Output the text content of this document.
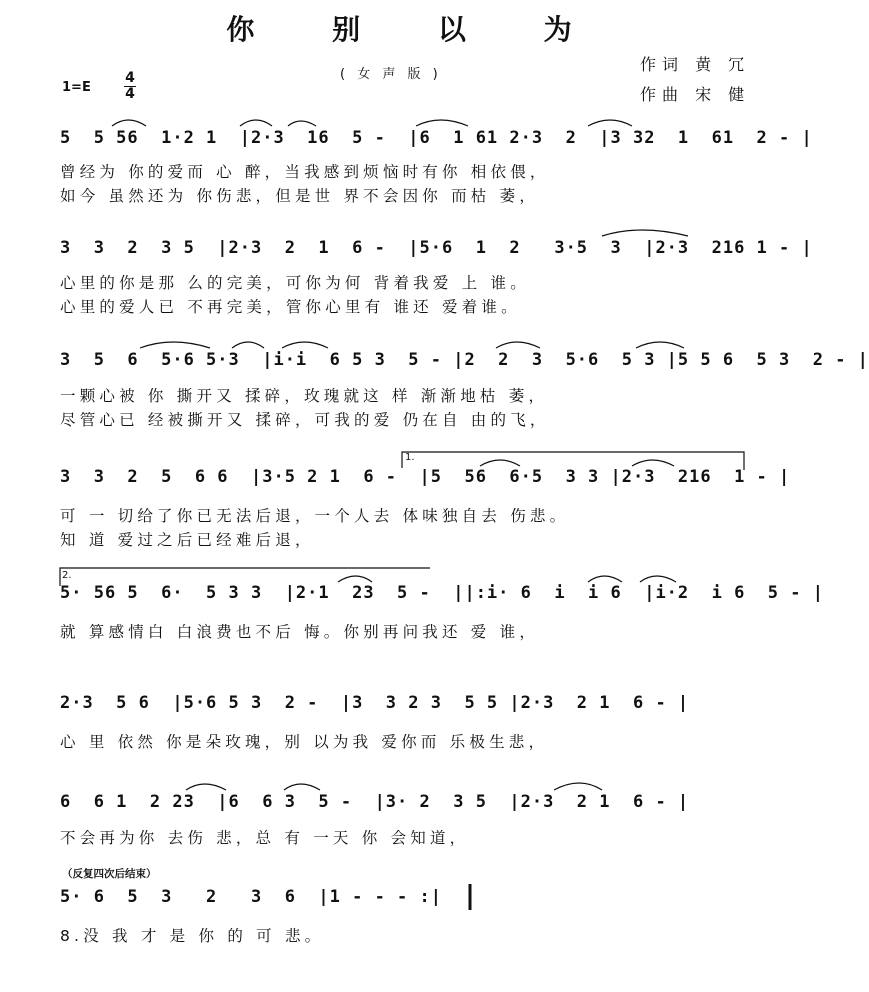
你 别 以 为
( 女 声 版 )
作词 黄 冗
作曲 宋 健
1=E
4
4
5  5 56  1·2 1  |2·3  16  5 -  |6  1 61 2·3  2  |3 32  1  61  2 - |
曾经为 你的爱而 心 醉，当我感到烦恼时有你 相依偎，
如今 虽然还为 你伤悲，但是世 界不会因你 而枯 萎，
3  3  2  3 5  |2·3  2  1  6 -  |5·6  1  2   3·5  3  |2·3  216 1 - |
心里的你是那 么的完美，可你为何 背着我爱 上 谁。
心里的爱人已 不再完美，管你心里有 谁还 爱着谁。
3  5  6  5·6 5·3  |i·i  6 5 3  5 - |2  2  3  5·6  5 3 |5 5 6  5 3  2 - |
一颗心被 你 撕开又 揉碎，玫瑰就这 样 渐渐地枯 萎，
尽管心已 经被撕开又 揉碎，可我的爱 仍在自 由的飞，
1.
3  3  2  5  6 6  |3·5 2 1  6 -  |5  56  6·5  3 3 |2·3  216  1 - |
可 一 切给了你已无法后退，一个人去 体味独自去 伤悲。
知 道 爱过之后已经难后退，
2.
5· 56 5  6·  5 3 3  |2·1  23  5 -  ||:i· 6  i  i 6  |i·2  i 6  5 - |
就 算感情白 白浪费也不后 悔。你别再问我还 爱 谁，
2·3  5 6  |5·6 5 3  2 -  |3  3 2 3  5 5 |2·3  2 1  6 - |
心 里 依然 你是朵玫瑰，别 以为我 爱你而 乐极生悲，
6  6 1  2 23  |6  6 3  5 -  |3· 2  3 5  |2·3  2 1  6 - |
不会再为你 去伤 悲，总 有 一天 你 会知道，
（反复四次后结束）
5· 6  5  3   2   3  6  |1 - - - :|
8.没 我 才 是 你 的 可 悲。
